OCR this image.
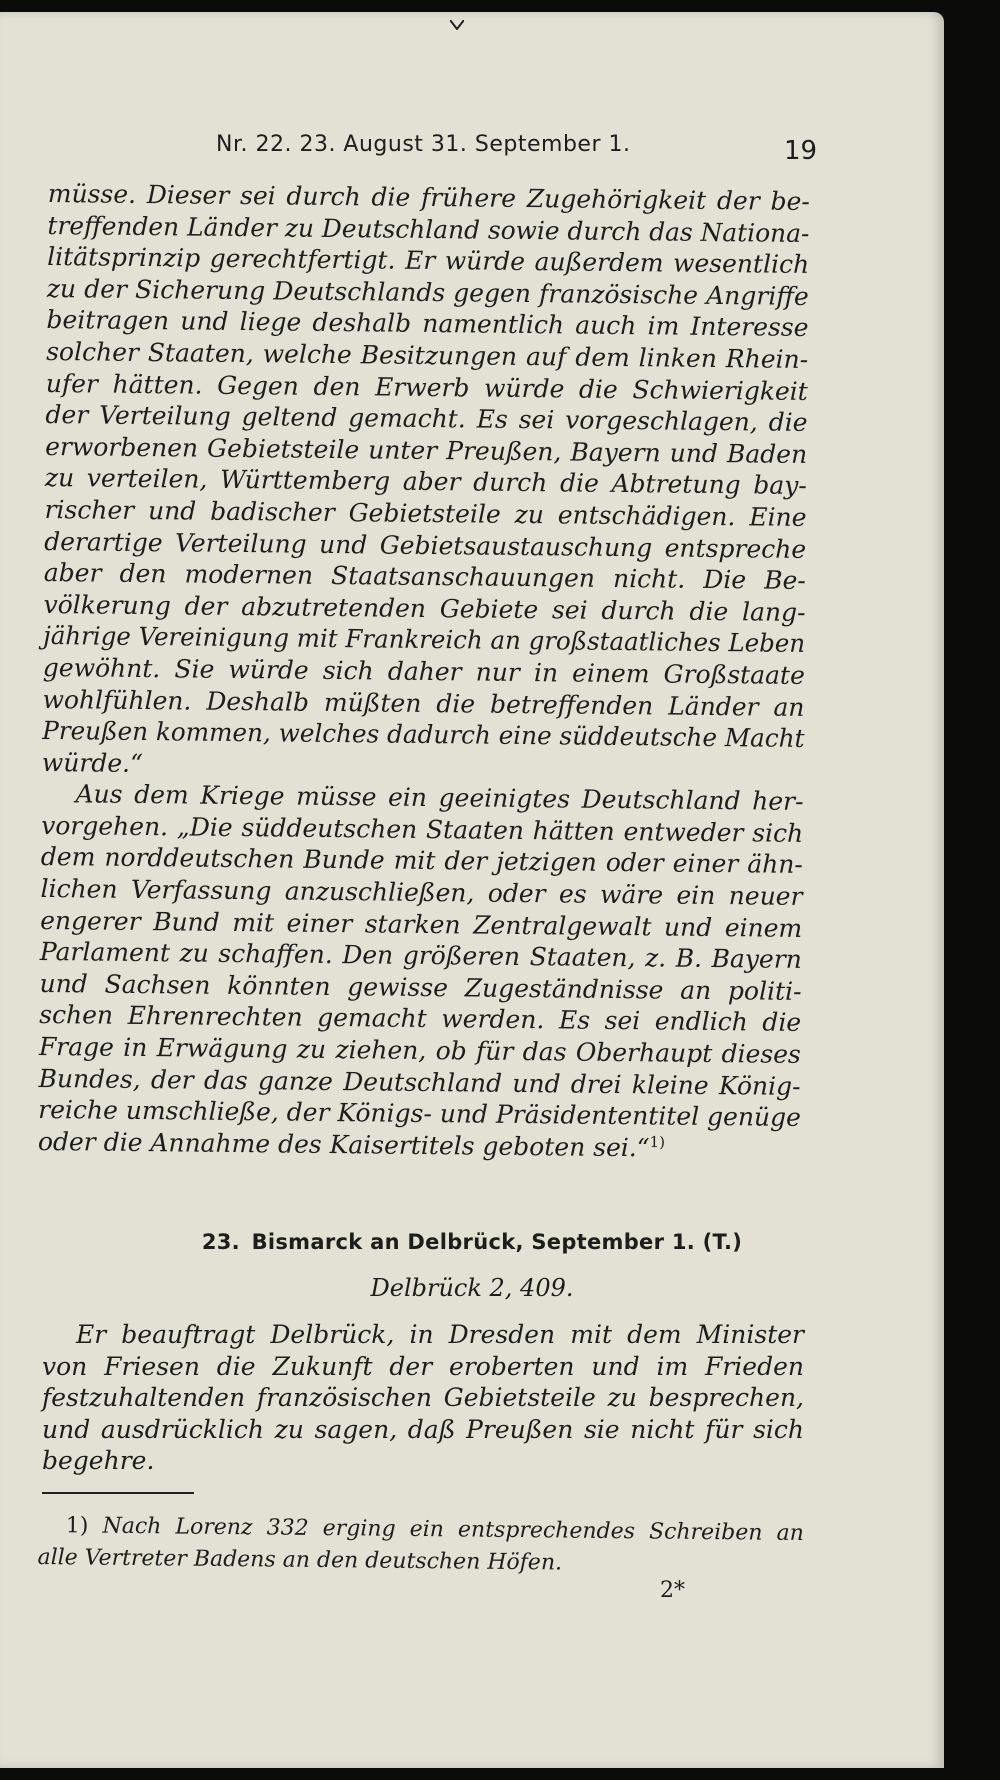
Nr. 22. 23. August 31. September 1.	19
müsse. Dieser sei durch die frühere Zugehörigkeit der be-
treffenden Länder zu Deutschland sowie durch das Nationa-
litätsprinzip gerechtfertigt. Er würde außerdem wesentlich
zu der Sicherung Deutschlands gegen französische Angriffe
beitragen und liege deshalb namentlich auch im Interesse
solcher Staaten, welche Besitzungen auf dem linken Rhein-
ufer hätten. Gegen den Erwerb würde die Schwierigkeit
der Verteilung geltend gemacht. Es sei vorgeschlagen, die
erworbenen Gebietsteile unter Preußen, Bayern und Baden
zu verteilen, Württemberg aber durch die Abtretung bay-
rischer und badischer Gebietsteile zu entschädigen. Eine
derartige Verteilung und Gebietsaustauschung entspreche
aber den modernen Staatsanschauungen nicht. Die Be-
völkerung der abzutretenden Gebiete sei durch die lang-
jährige Vereinigung mit Frankreich an großstaatliches Leben
gewöhnt. Sie würde sich daher nur in einem Großstaate
wohlfühlen. Deshalb müßten die betreffenden Länder an
Preußen kommen, welches dadurch eine süddeutsche Macht
würde.“
Aus dem Kriege müsse ein geeinigtes Deutschland her-
vorgehen. „Die süddeutschen Staaten hätten entweder sich
dem norddeutschen Bunde mit der jetzigen oder einer ähn-
lichen Verfassung anzuschließen, oder es wäre ein neuer
engerer Bund mit einer starken Zentralgewalt und einem
Parlament zu schaffen. Den größeren Staaten, z. B. Bayern
und Sachsen könnten gewisse Zugeständnisse an politi-
schen Ehrenrechten gemacht werden. Es sei endlich die
Frage in Erwägung zu ziehen, ob für das Oberhaupt dieses
Bundes, der das ganze Deutschland und drei kleine König-
reiche umschließe, der Königs- und Präsidententitel genüge
oder die Annahme des Kaisertitels geboten sei.“$^{1)}$
23. Bismarck an Delbrück, September 1. (T.)
Delbrück 2, 409.
Er beauftragt Delbrück, in Dresden mit dem Minister
von Friesen die Zukunft der eroberten und im Frieden
festzuhaltenden französischen Gebietsteile zu besprechen,
und ausdrücklich zu sagen, daß Preußen sie nicht für sich
begehre.
1) Nach Lorenz 332 erging ein entsprechendes Schreiben an
alle Vertreter Badens an den deutschen Höfen.
2*
